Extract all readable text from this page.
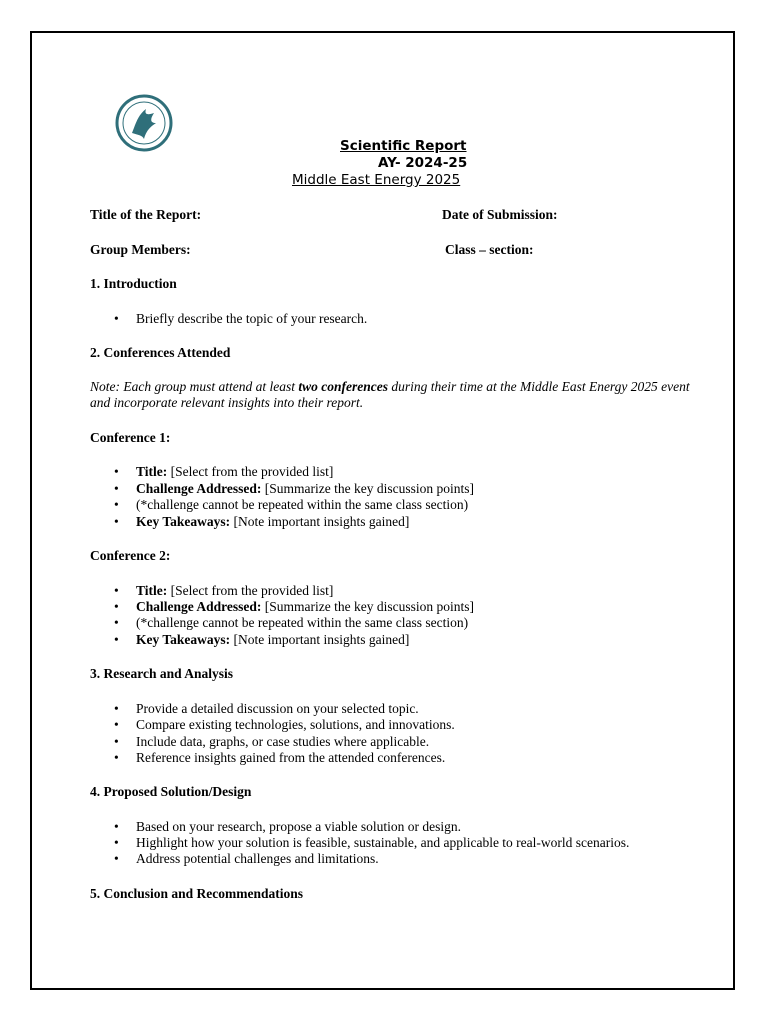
Scientific Report
AY- 2024-25
Middle East Energy 2025
Title of the Report:	Date of Submission:
Group Members:	Class – section:
1. Introduction
• Briefly describe the topic of your research.
2. Conferences Attended
Note: Each group must attend at least two conferences during their time at the Middle East Energy 2025 event and incorporate relevant insights into their report.
Conference 1:
• Title: [Select from the provided list]
• Challenge Addressed: [Summarize the key discussion points]
• (*challenge cannot be repeated within the same class section)
• Key Takeaways: [Note important insights gained]
Conference 2:
• Title: [Select from the provided list]
• Challenge Addressed: [Summarize the key discussion points]
• (*challenge cannot be repeated within the same class section)
• Key Takeaways: [Note important insights gained]
3. Research and Analysis
• Provide a detailed discussion on your selected topic.
• Compare existing technologies, solutions, and innovations.
• Include data, graphs, or case studies where applicable.
• Reference insights gained from the attended conferences.
4. Proposed Solution/Design
• Based on your research, propose a viable solution or design.
• Highlight how your solution is feasible, sustainable, and applicable to real-world scenarios.
• Address potential challenges and limitations.
5. Conclusion and Recommendations
